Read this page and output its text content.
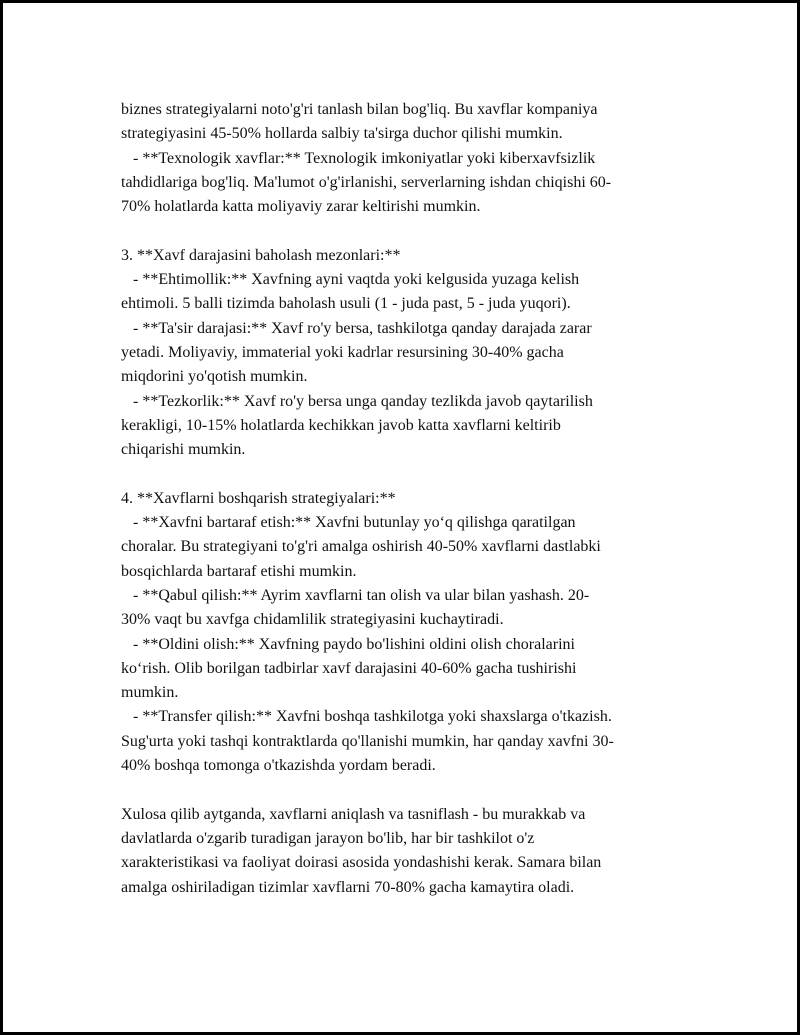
biznes strategiyalarni noto'g'ri tanlash bilan bog'liq. Bu xavflar kompaniya
strategiyasini 45-50% hollarda salbiy ta'sirga duchor qilishi mumkin.
- **Texnologik xavflar:** Texnologik imkoniyatlar yoki kiberxavfsizlik
tahdidlariga bog'liq. Ma'lumot o'g'irlanishi, serverlarning ishdan chiqishi 60-
70% holatlarda katta moliyaviy zarar keltirishi mumkin.
3. **Xavf darajasini baholash mezonlari:**
- **Ehtimollik:** Xavfning ayni vaqtda yoki kelgusida yuzaga kelish
ehtimoli. 5 balli tizimda baholash usuli (1 - juda past, 5 - juda yuqori).
- **Ta'sir darajasi:** Xavf ro'y bersa, tashkilotga qanday darajada zarar
yetadi. Moliyaviy, immaterial yoki kadrlar resursining 30-40% gacha
miqdorini yo'qotish mumkin.
- **Tezkorlik:** Xavf ro'y bersa unga qanday tezlikda javob qaytarilish
kerakligi, 10-15% holatlarda kechikkan javob katta xavflarni keltirib
chiqarishi mumkin.
4. **Xavflarni boshqarish strategiyalari:**
- **Xavfni bartaraf etish:** Xavfni butunlay yo‘q qilishga qaratilgan
choralar. Bu strategiyani to'g'ri amalga oshirish 40-50% xavflarni dastlabki
bosqichlarda bartaraf etishi mumkin.
- **Qabul qilish:** Ayrim xavflarni tan olish va ular bilan yashash. 20-
30% vaqt bu xavfga chidamlilik strategiyasini kuchaytiradi.
- **Oldini olish:** Xavfning paydo bo'lishini oldini olish choralarini
ko‘rish. Olib borilgan tadbirlar xavf darajasini 40-60% gacha tushirishi
mumkin.
- **Transfer qilish:** Xavfni boshqa tashkilotga yoki shaxslarga o'tkazish.
Sug'urta yoki tashqi kontraktlarda qo'llanishi mumkin, har qanday xavfni 30-
40% boshqa tomonga o'tkazishda yordam beradi.
Xulosa qilib aytganda, xavflarni aniqlash va tasniflash - bu murakkab va
davlatlarda o'zgarib turadigan jarayon bo'lib, har bir tashkilot o'z
xarakteristikasi va faoliyat doirasi asosida yondashishi kerak. Samara bilan
amalga oshiriladigan tizimlar xavflarni 70-80% gacha kamaytira oladi.
